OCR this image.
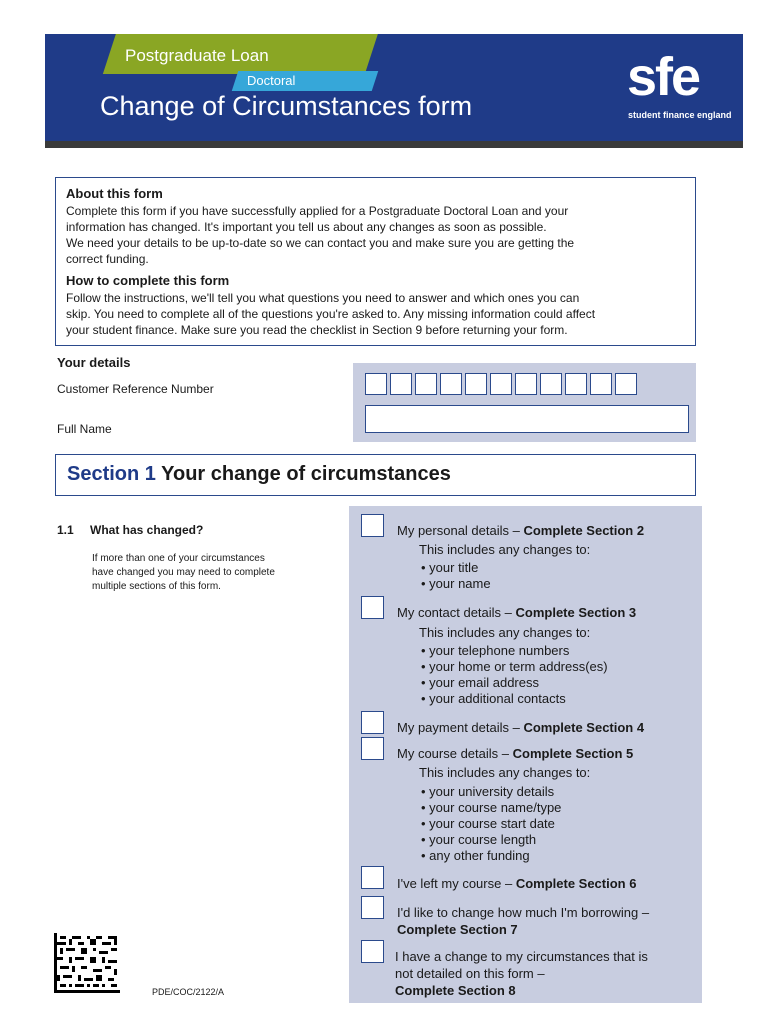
Postgraduate Loan
Doctoral
Change of Circumstances form	sfe
student finance england
About this form

Complete this form if you have successfully applied for a Postgraduate Doctoral Loan and your

information has changed. It's important you tell us about any changes as soon as possible.

We need your details to be up-to-date so we can contact you and make sure you are getting the

correct funding.

How to complete this form

Follow the instructions, we'll tell you what questions you need to answer and which ones you can

skip. You need to complete all of the questions you're asked to. Any missing information could affect

your student finance. Make sure you read the checklist in Section 9 before returning your form.

Your details
Customer Reference Number
Full Name
Section 1 Your change of circumstances
1.1 What has changed?
If more than one of your circumstances
have changed you may need to complete
multiple sections of this form.
My personal details – Complete Section 2
This includes any changes to:
• your title
• your name
My contact details – Complete Section 3
This includes any changes to:
• your telephone numbers
• your home or term address(es)
• your email address
• your additional contacts
My payment details – Complete Section 4
My course details – Complete Section 5
This includes any changes to:
• your university details
• your course name/type
• your course start date
• your course length
• any other funding
I've left my course – Complete Section 6
I'd like to change how much I'm borrowing –
Complete Section 7
I have a change to my circumstances that is
not detailed on this form –
Complete Section 8
PDE/COC/2122/A
